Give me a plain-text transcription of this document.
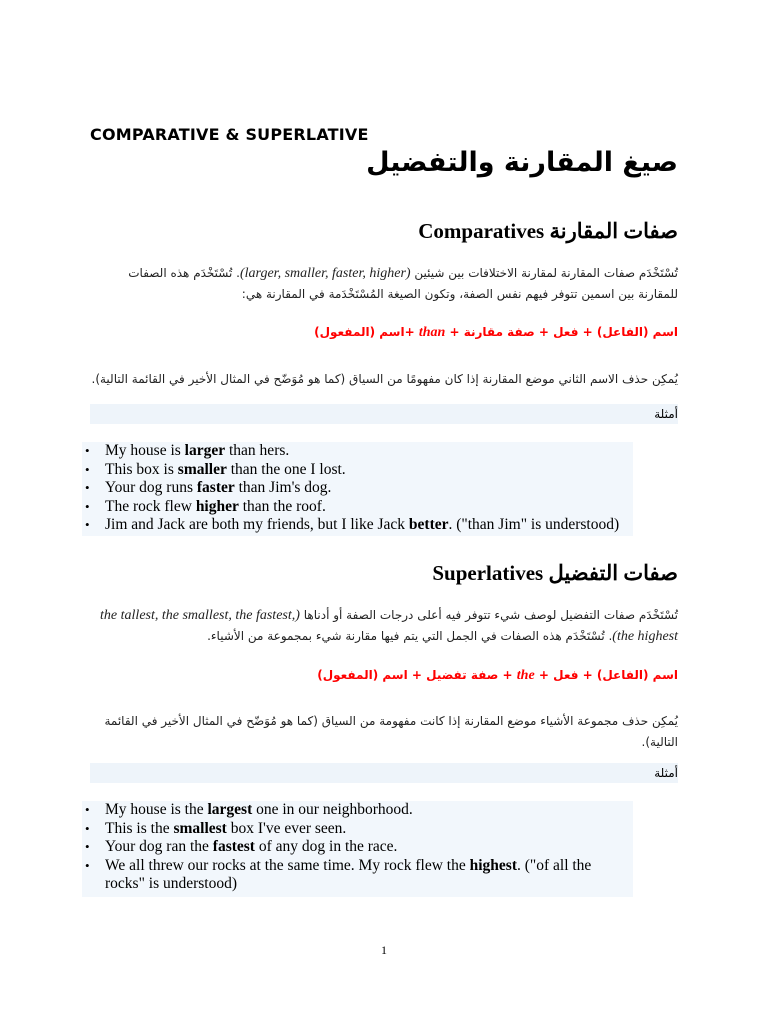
COMPARATIVE & SUPERLATIVE
صيغ المقارنة والتفضيل
صفات المقارنة Comparatives
تُسْتَخْدَم صفات المقارنة لمقارنة الاختلافات بين شيئين (larger, smaller, faster, higher). تُسْتَخْدَم هذه الصفات للمقارنة بين اسمين تتوفر فيهم نفس الصفة، وتكون الصيغة المُسْتَخْدَمة في المقارنة هي:
اسم (الفاعل) + فعل + صفة مقارنة + than +اسم (المفعول)
يُمكِن حذف الاسم الثاني موضع المقارنة إذا كان مفهومًا من السياق (كما هو مُوَضّح في المثال الأخير في القائمة التالية).
أمثلة
• My house is larger than hers.
• This box is smaller than the one I lost.
• Your dog runs faster than Jim's dog.
• The rock flew higher than the roof.
• Jim and Jack are both my friends, but I like Jack better. ("than Jim" is understood)
صفات التفضيل Superlatives
تُسْتَخْدَم صفات التفضيل لوصف شيء تتوفر فيه أعلى درجات الصفة أو أدناها (the tallest, the smallest, the fastest, the highest). تُسْتَخْدَم هذه الصفات في الجمل التي يتم فيها مقارنة شيء بمجموعة من الأشياء.
اسم (الفاعل) + فعل + the + صفة تفضيل + اسم (المفعول)
يُمكِن حذف مجموعة الأشياء موضع المقارنة إذا كانت مفهومة من السياق (كما هو مُوَضّح في المثال الأخير في القائمة التالية).
أمثلة
• My house is the largest one in our neighborhood.
• This is the smallest box I've ever seen.
• Your dog ran the fastest of any dog in the race.
• We all threw our rocks at the same time. My rock flew the highest. ("of all the rocks" is understood)
1
